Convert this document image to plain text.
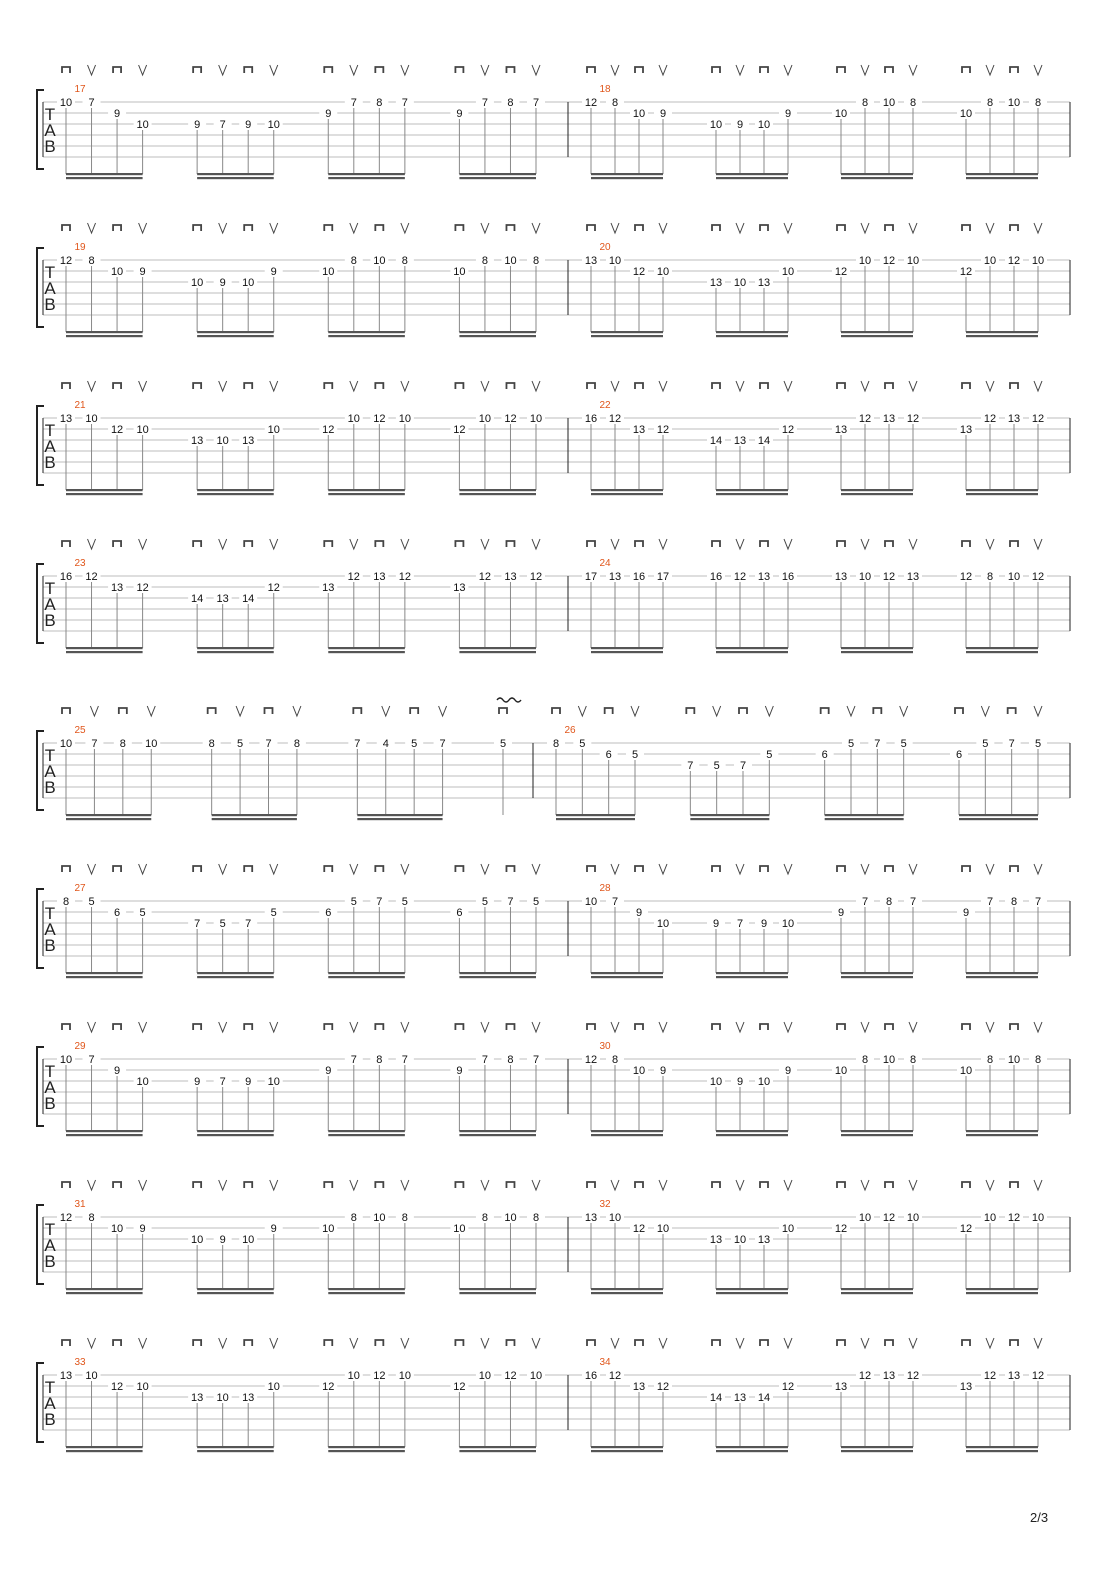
T
A
B
17
10 7
9
10	9 7 9 10
9
7 8 7
9
7 8 7
18
12 8
10 9
10 9 10
9	10
8 10 8
10
8 10 8
T
A
B
19
12 8
10 9
10 9 10
9	10
8 10 8
10
8 10 8
20
13 10
12 10
13 10 13
10	12
10 12 10
12
10 12 10
T
A
B
21
13 10
12 10
13 10 13
10	12
10 12 10
12
10 12 10
22
16 12
13 12
14 13 14
12	13
12 13 12
13
12 13 12
T
A
B
23
16 12
13 12
14 13 14
12	13
12 13 12
13
12 13 12
24
17 13 16 17	16 12 13 16	13 10 12 13	12 8 10 12
T
A
B
25
10 7 8 10	8 5 7 8	7 4 5 7	5
26
8 5
6 5
7 5 7
5	6
5 7 5
6
5 7 5
T
A
B
27
8 5
6 5
7 5 7
5	6
5 7 5
6
5 7 5
28
10 7
9
10	9 7 9 10
9
7 8 7
9
7 8 7
T
A
B
29
10 7
9
10	9 7 9 10
9
7 8 7
9
7 8 7
30
12 8
10 9
10 9 10
9	10
8 10 8
10
8 10 8
T
A
B
31
12 8
10 9
10 9 10
9	10
8 10 8
10
8 10 8
32
13 10
12 10
13 10 13
10	12
10 12 10
12
10 12 10
T
A
B
33
13 10
12 10
13 10 13
10	12
10 12 10
12
10 12 10
34
16 12
13 12
14 13 14
12	13
12 13 12
13
12 13 12
2/3
